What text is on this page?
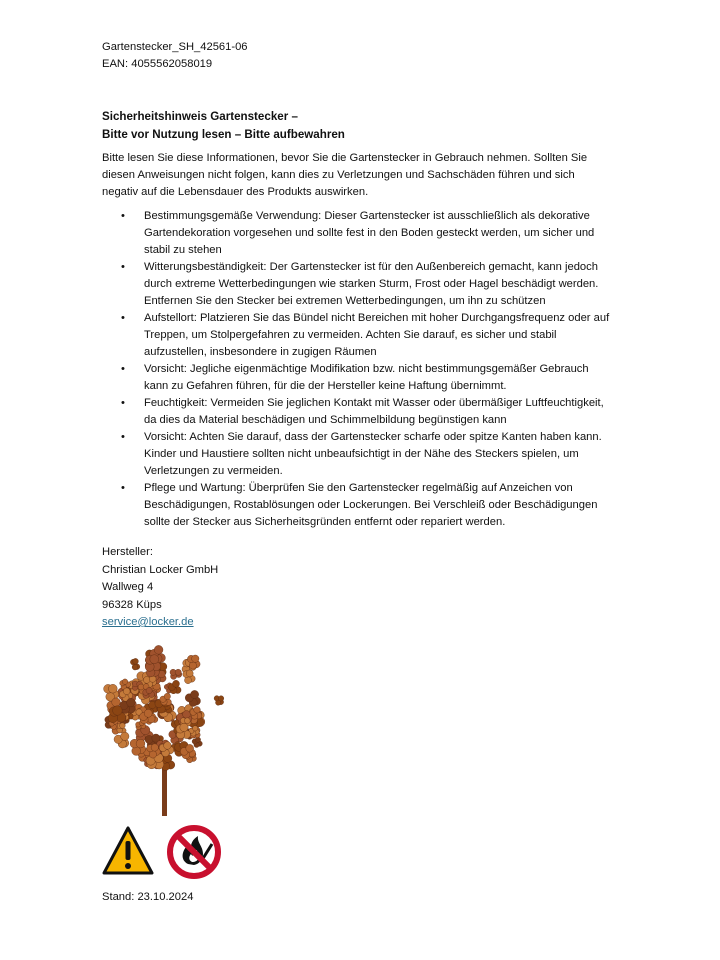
Gartenstecker_SH_42561-06
EAN: 4055562058019
Sicherheitshinweis Gartenstecker –
Bitte vor Nutzung lesen – Bitte aufbewahren
Bitte lesen Sie diese Informationen, bevor Sie die Gartenstecker in Gebrauch nehmen. Sollten Sie
diesen Anweisungen nicht folgen, kann dies zu Verletzungen und Sachschäden führen und sich
negativ auf die Lebensdauer des Produkts auswirken.
• Bestimmungsgemäße Verwendung: Dieser Gartenstecker ist ausschließlich als dekorative
Gartendekoration vorgesehen und sollte fest in den Boden gesteckt werden, um sicher und
stabil zu stehen
• Witterungsbeständigkeit: Der Gartenstecker ist für den Außenbereich gemacht, kann jedoch
durch extreme Wetterbedingungen wie starken Sturm, Frost oder Hagel beschädigt werden.
Entfernen Sie den Stecker bei extremen Wetterbedingungen, um ihn zu schützen
• Aufstellort: Platzieren Sie das Bündel nicht Bereichen mit hoher Durchgangsfrequenz oder auf
Treppen, um Stolpergefahren zu vermeiden. Achten Sie darauf, es sicher und stabil
aufzustellen, insbesondere in zugigen Räumen
• Vorsicht: Jegliche eigenmächtige Modifikation bzw. nicht bestimmungsgemäßer Gebrauch
kann zu Gefahren führen, für die der Hersteller keine Haftung übernimmt.
• Feuchtigkeit: Vermeiden Sie jeglichen Kontakt mit Wasser oder übermäßiger Luftfeuchtigkeit,
da dies da Material beschädigen und Schimmelbildung begünstigen kann
• Vorsicht: Achten Sie darauf, dass der Gartenstecker scharfe oder spitze Kanten haben kann.
Kinder und Haustiere sollten nicht unbeaufsichtigt in der Nähe des Steckers spielen, um
Verletzungen zu vermeiden.
• Pflege und Wartung: Überprüfen Sie den Gartenstecker regelmäßig auf Anzeichen von
Beschädigungen, Rostablösungen oder Lockerungen. Bei Verschleiß oder Beschädigungen
sollte der Stecker aus Sicherheitsgründen entfernt oder repariert werden.
Hersteller:
Christian Locker GmbH
Wallweg 4
96328 Küps
service@locker.de
Stand: 23.10.2024
